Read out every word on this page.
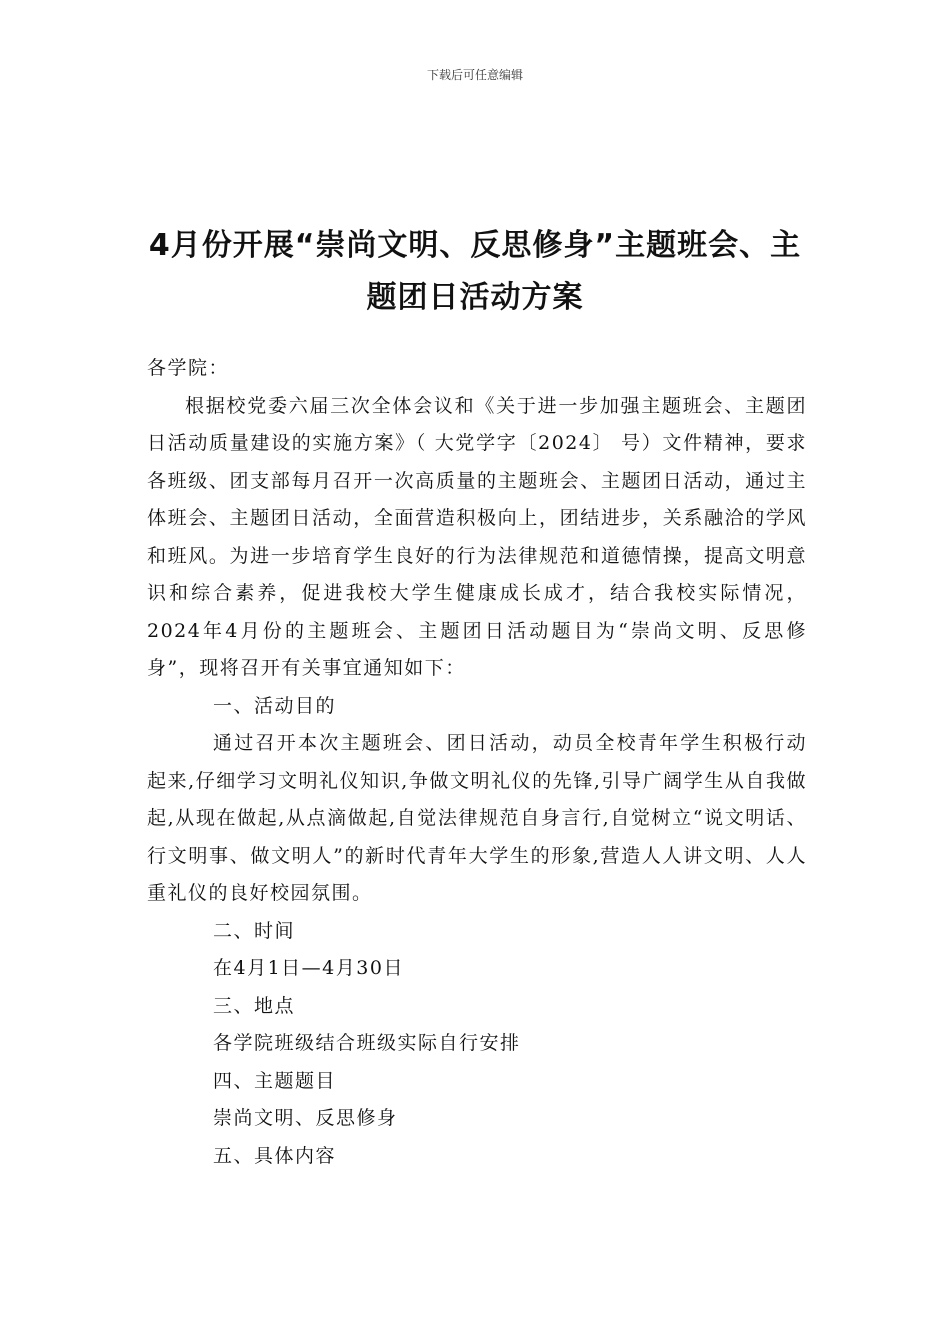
下载后可任意编辑
4月份开展“崇尚文明、反思修身”主题班会、主题团日活动方案

各学院：

根据校党委六届三次全体会议和《关于进一步加强主题班会、主题团日活动质量建设的实施方案》（ 大党学字〔2024〕 号）文件精神，要求各班级、团支部每月召开一次高质量的主题班会、主题团日活动，通过主体班会、主题团日活动，全面营造积极向上，团结进步，关系融洽的学风和班风。为进一步培育学生良好的行为法律规范和道德情操，提高文明意识和综合素养，促进我校大学生健康成长成才，结合我校实际情况，2024年4月份的主题班会、主题团日活动题目为“崇尚文明、反思修身”，现将召开有关事宜通知如下：

一、活动目的

通过召开本次主题班会、团日活动，动员全校青年学生积极行动起来,仔细学习文明礼仪知识,争做文明礼仪的先锋,引导广阔学生从自我做起,从现在做起,从点滴做起,自觉法律规范自身言行,自觉树立“说文明话、行文明事、做文明人”的新时代青年大学生的形象,营造人人讲文明、人人重礼仪的良好校园氛围。

二、时间

在4月1日—4月30日

三、地点

各学院班级结合班级实际自行安排

四、主题题目

崇尚文明、反思修身

五、具体内容
